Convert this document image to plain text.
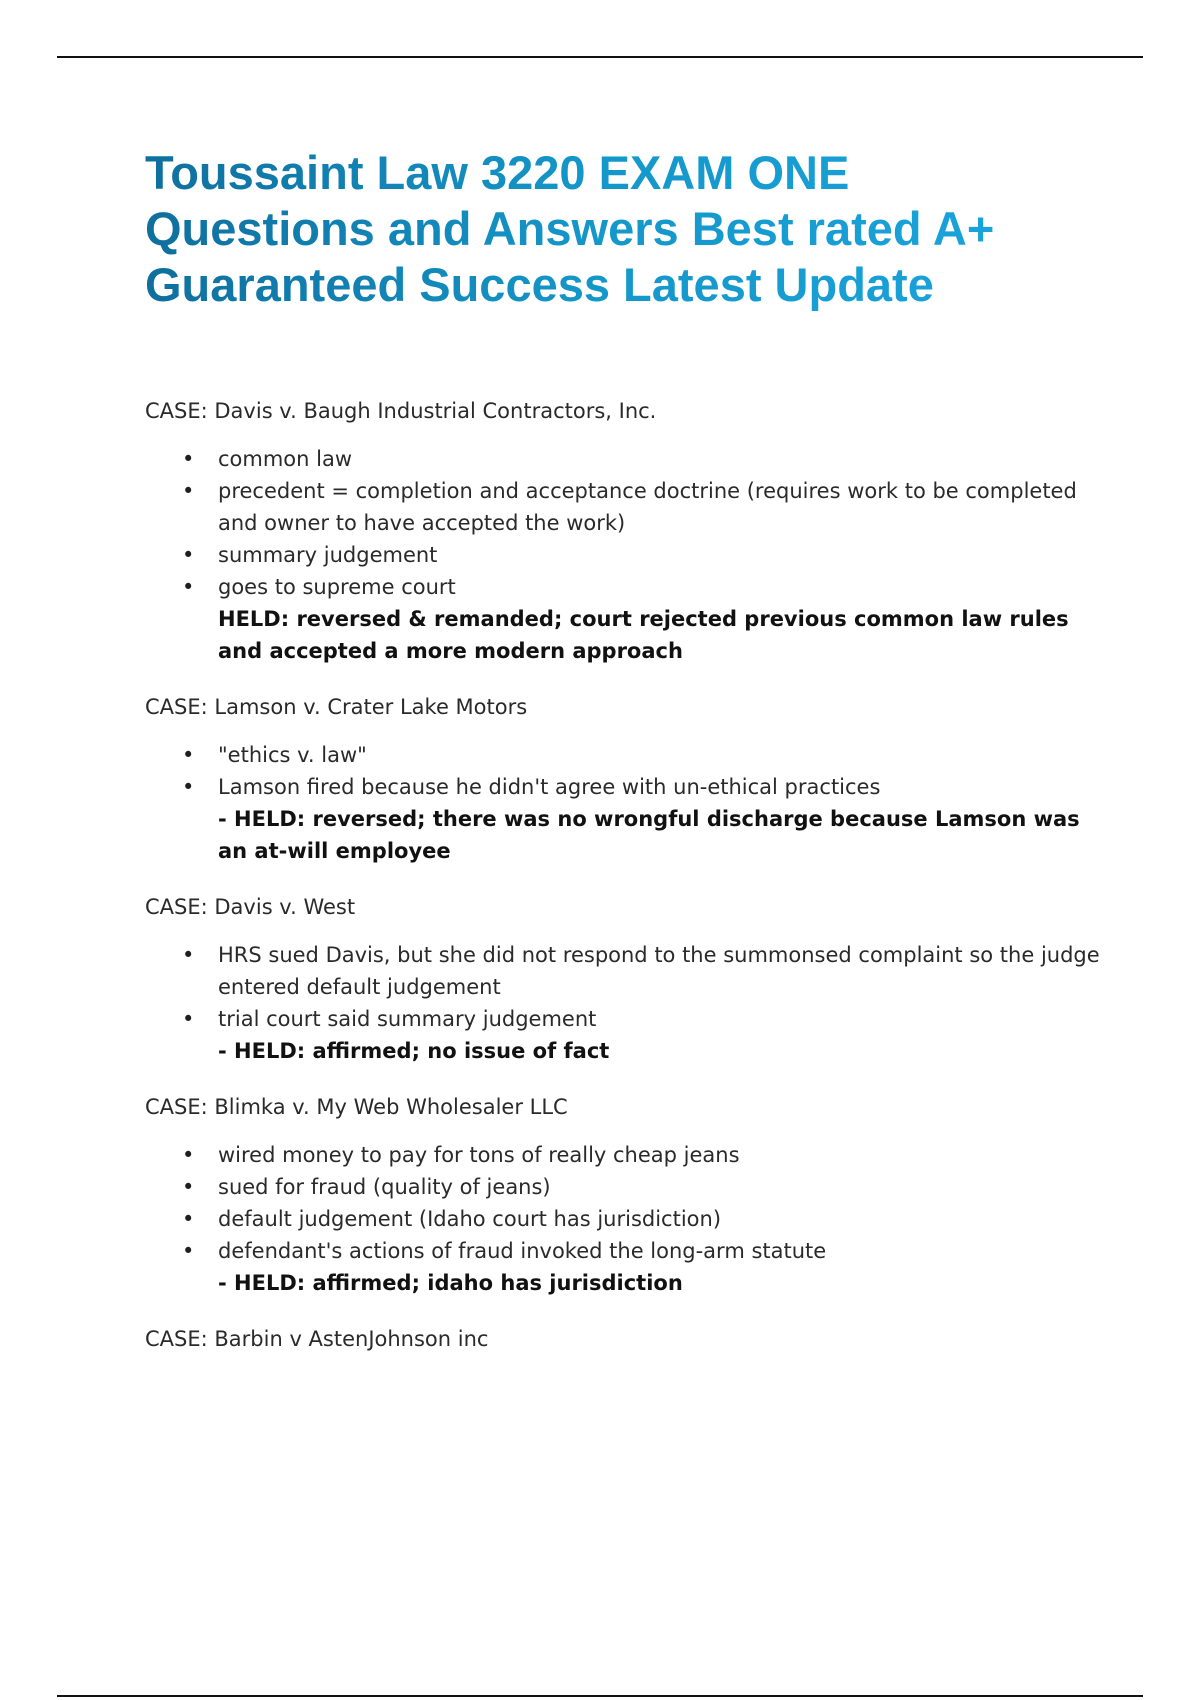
Toussaint Law 3220 EXAM ONE
Questions and Answers Best rated A+
Guaranteed Success Latest Update
CASE: Davis v. Baugh Industrial Contractors, Inc.
• common law
• precedent = completion and acceptance doctrine (requires work to be completed and owner to have accepted the work)
• summary judgement
• goes to supreme court
HELD: reversed & remanded; court rejected previous common law rules and accepted a more modern approach
CASE: Lamson v. Crater Lake Motors
• "ethics v. law"
• Lamson fired because he didn't agree with un-ethical practices
- HELD: reversed; there was no wrongful discharge because Lamson was an at-will employee
CASE: Davis v. West
• HRS sued Davis, but she did not respond to the summonsed complaint so the judge entered default judgement
• trial court said summary judgement
- HELD: affirmed; no issue of fact
CASE: Blimka v. My Web Wholesaler LLC
• wired money to pay for tons of really cheap jeans
• sued for fraud (quality of jeans)
• default judgement (Idaho court has jurisdiction)
• defendant's actions of fraud invoked the long-arm statute
- HELD: affirmed; idaho has jurisdiction
CASE: Barbin v AstenJohnson inc
